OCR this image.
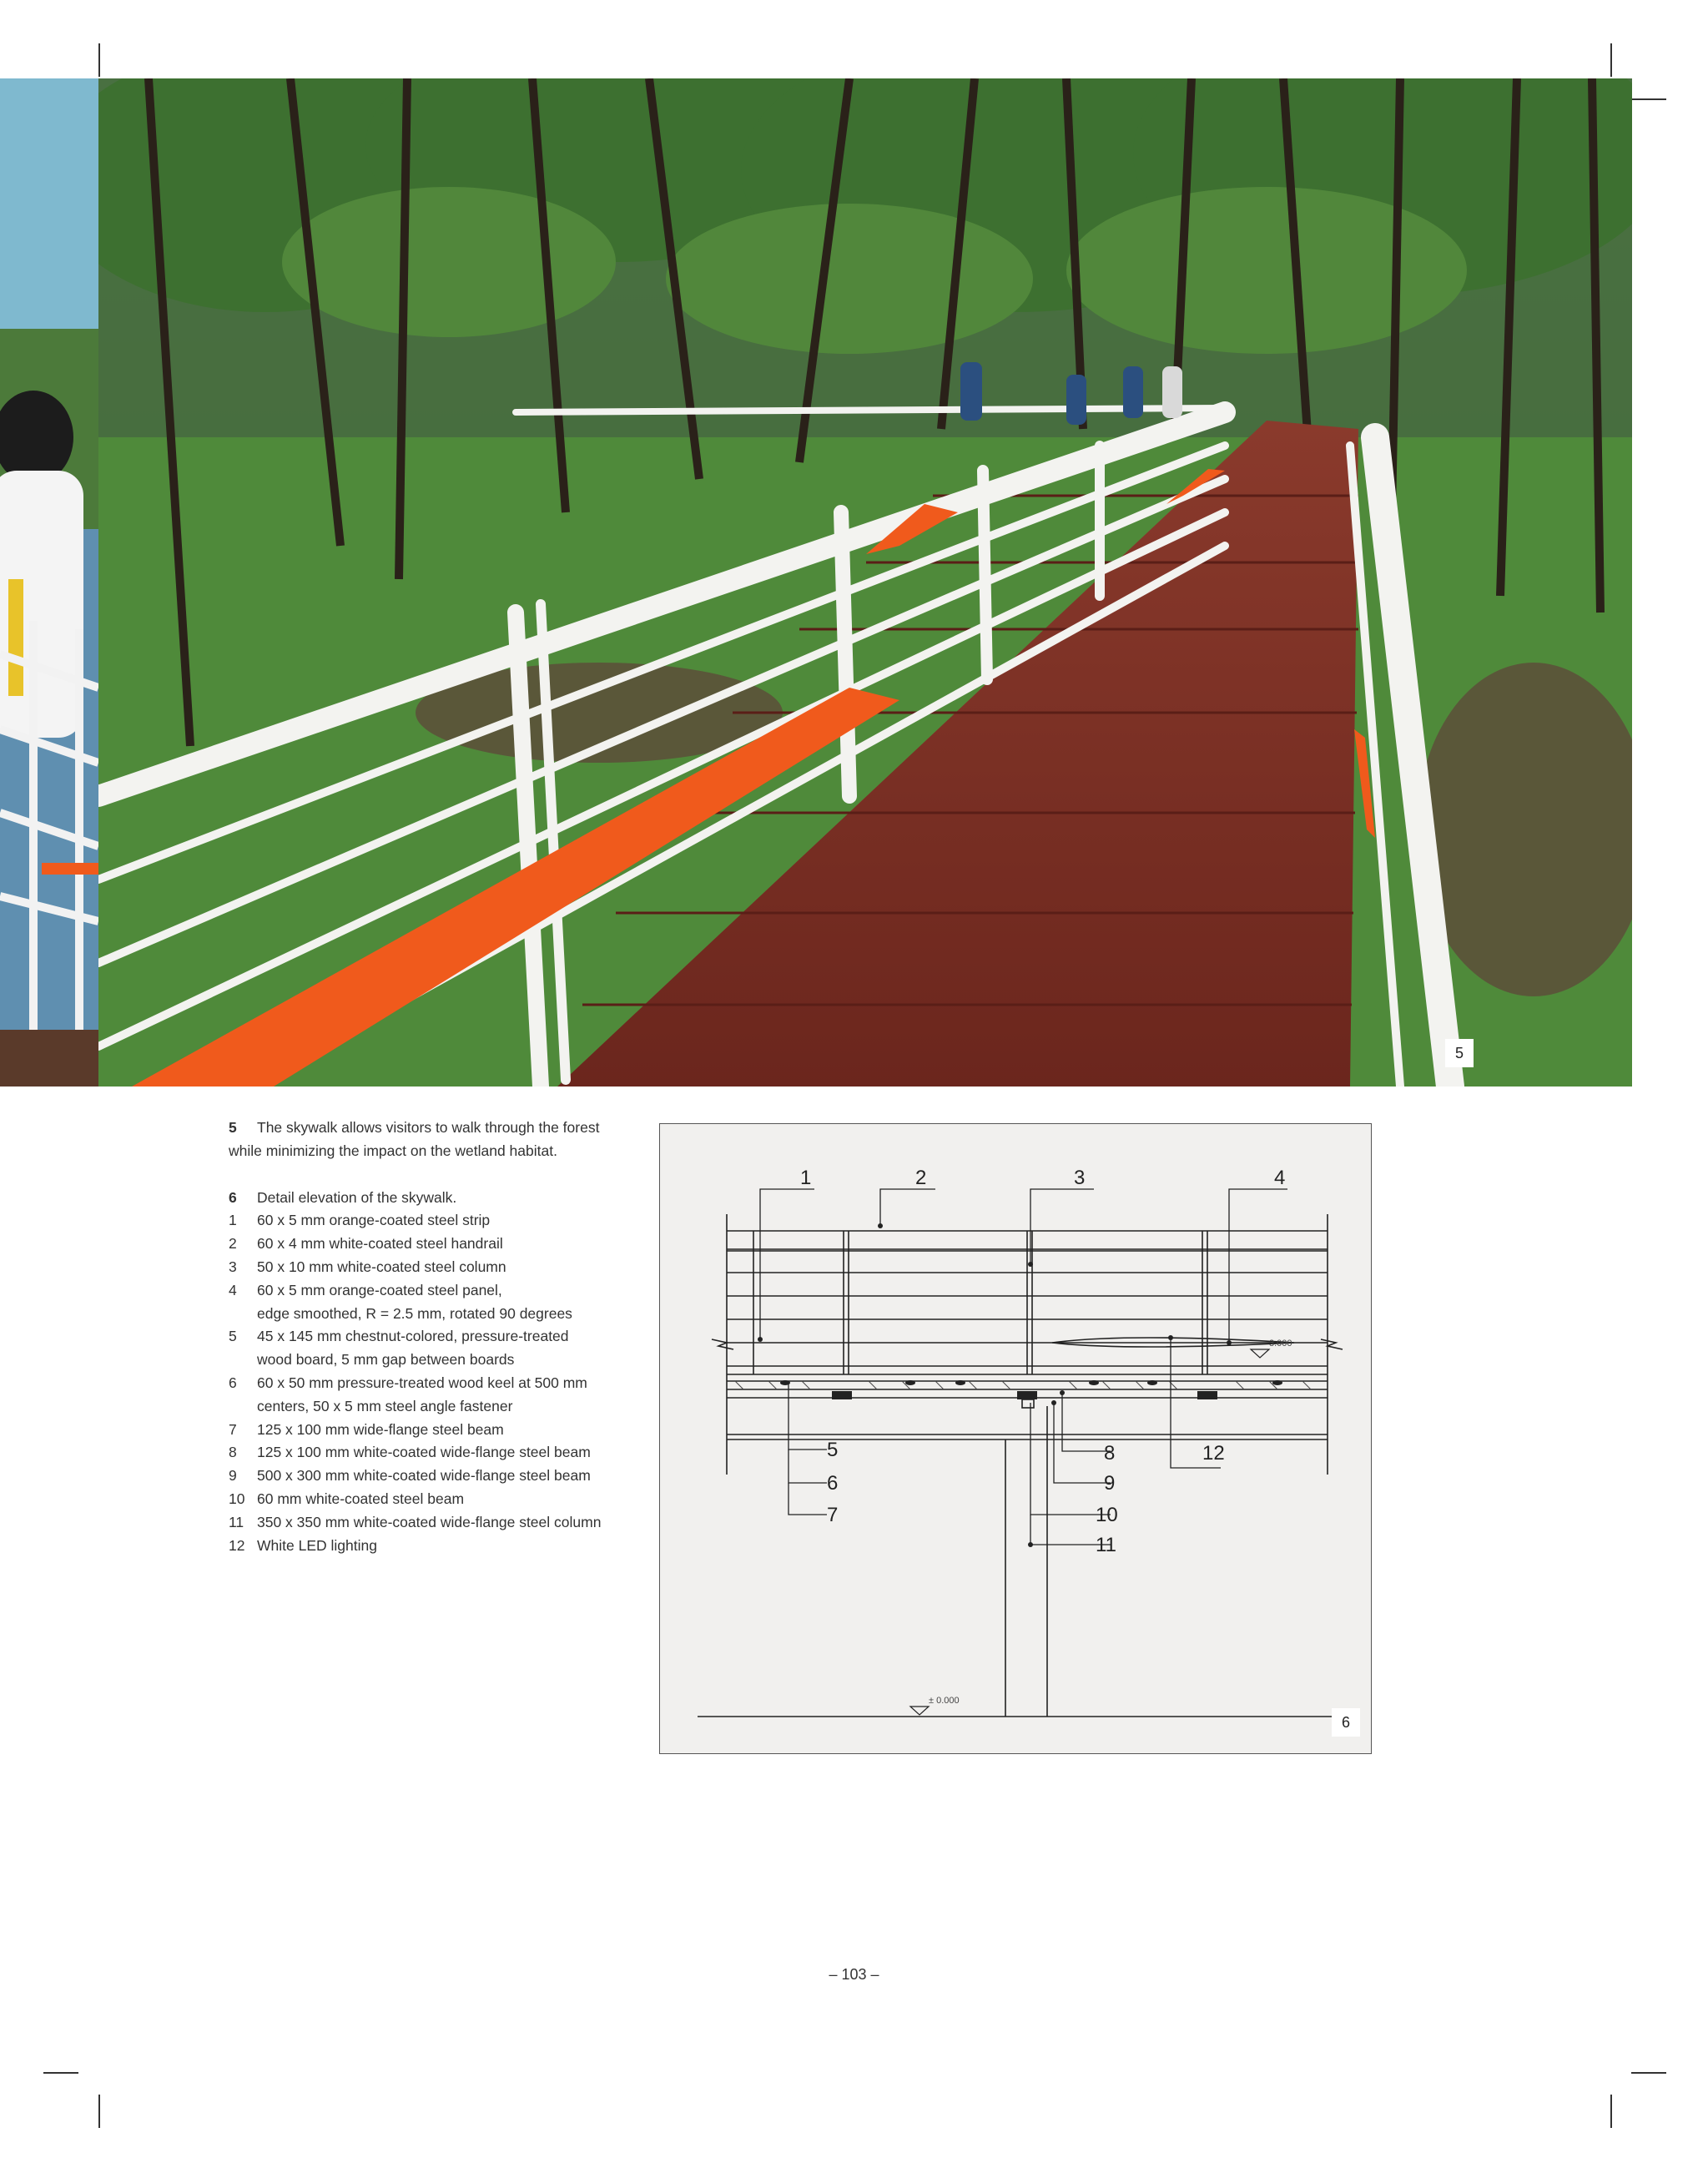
5
5	The skywalk allows visitors to walk through the forest
while minimizing the impact on the wetland habitat.
6	Detail elevation of the skywalk.
1	60 x 5 mm orange-coated steel strip
2	60 x 4 mm white-coated steel handrail
3	50 x 10 mm white-coated steel column
4	60 x 5 mm orange-coated steel panel,
edge smoothed, R = 2.5 mm, rotated 90 degrees
5	45 x 145 mm chestnut-colored, pressure-treated
wood board, 5 mm gap between boards
6	60 x 50 mm pressure-treated wood keel at 500 mm
centers, 50 x 5 mm steel angle fastener
7	125 x 100 mm wide-flange steel beam
8	125 x 100 mm white-coated wide-flange steel beam
9	500 x 300 mm white-coated wide-flange steel beam
10 60 mm white-coated steel beam
11 350 x 350 mm white-coated wide-flange steel column
12 White LED lighting
3.000
± 0.000
1	2	3	4
5
6
7
8
9
10
11
12
6
– 103 –
